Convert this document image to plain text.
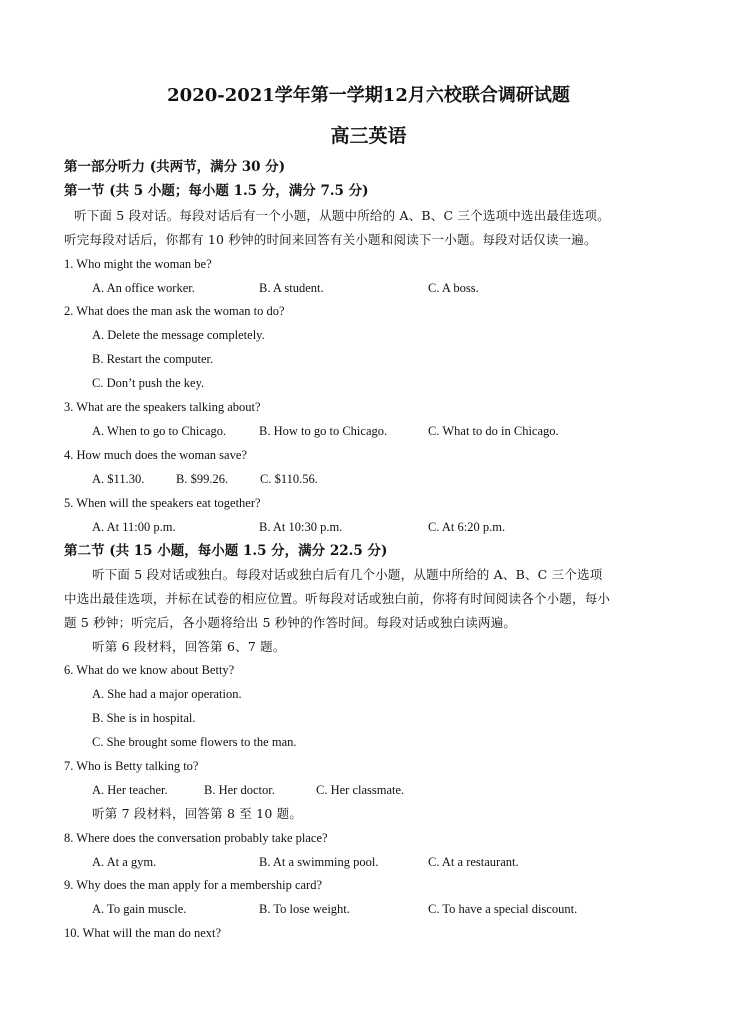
2020-2021学年第一学期12月六校联合调研试题
高三英语
第一部分听力 (共两节，满分 30 分)
第一节 (共 5 小题；每小题 1.5 分，满分 7.5 分)
听下面 5 段对话。每段对话后有一个小题，从题中所给的 A、B、C 三个选项中选出最佳选项。
听完每段对话后，你都有 10 秒钟的时间来回答有关小题和阅读下一小题。每段对话仅读一遍。
1. Who might the woman be?
A. An office worker.	B. A student.	C. A boss.
2. What does the man ask the woman to do?
A. Delete the message completely.
B. Restart the computer.
C. Don’t push the key.
3. What are the speakers talking about?
A. When to go to Chicago.	B. How to go to Chicago.	C. What to do in Chicago.
4. How much does the woman save?
A. $11.30.	B. $99.26.	C. $110.56.
5. When will the speakers eat together?
A. At 11:00 p.m.	B. At 10:30 p.m.	C. At 6:20 p.m.
第二节 (共 15 小题，每小题 1.5 分，满分 22.5 分)
听下面 5 段对话或独白。每段对话或独白后有几个小题，从题中所给的 A、B、C 三个选项
中选出最佳选项，并标在试卷的相应位置。听每段对话或独白前，你将有时间阅读各个小题，每小
题 5 秒钟；听完后，各小题将给出 5 秒钟的作答时间。每段对话或独白读两遍。
听第 6 段材料，回答第 6、7 题。
6. What do we know about Betty?
A. She had a major operation.
B. She is in hospital.
C. She brought some flowers to the man.
7. Who is Betty talking to?
A. Her teacher.	B. Her doctor.	C. Her classmate.
听第 7 段材料，回答第 8 至 10 题。
8. Where does the conversation probably take place?
A. At a gym.	B. At a swimming pool.	C. At a restaurant.
9. Why does the man apply for a membership card?
A. To gain muscle.	B. To lose weight.	C. To have a special discount.
10. What will the man do next?
